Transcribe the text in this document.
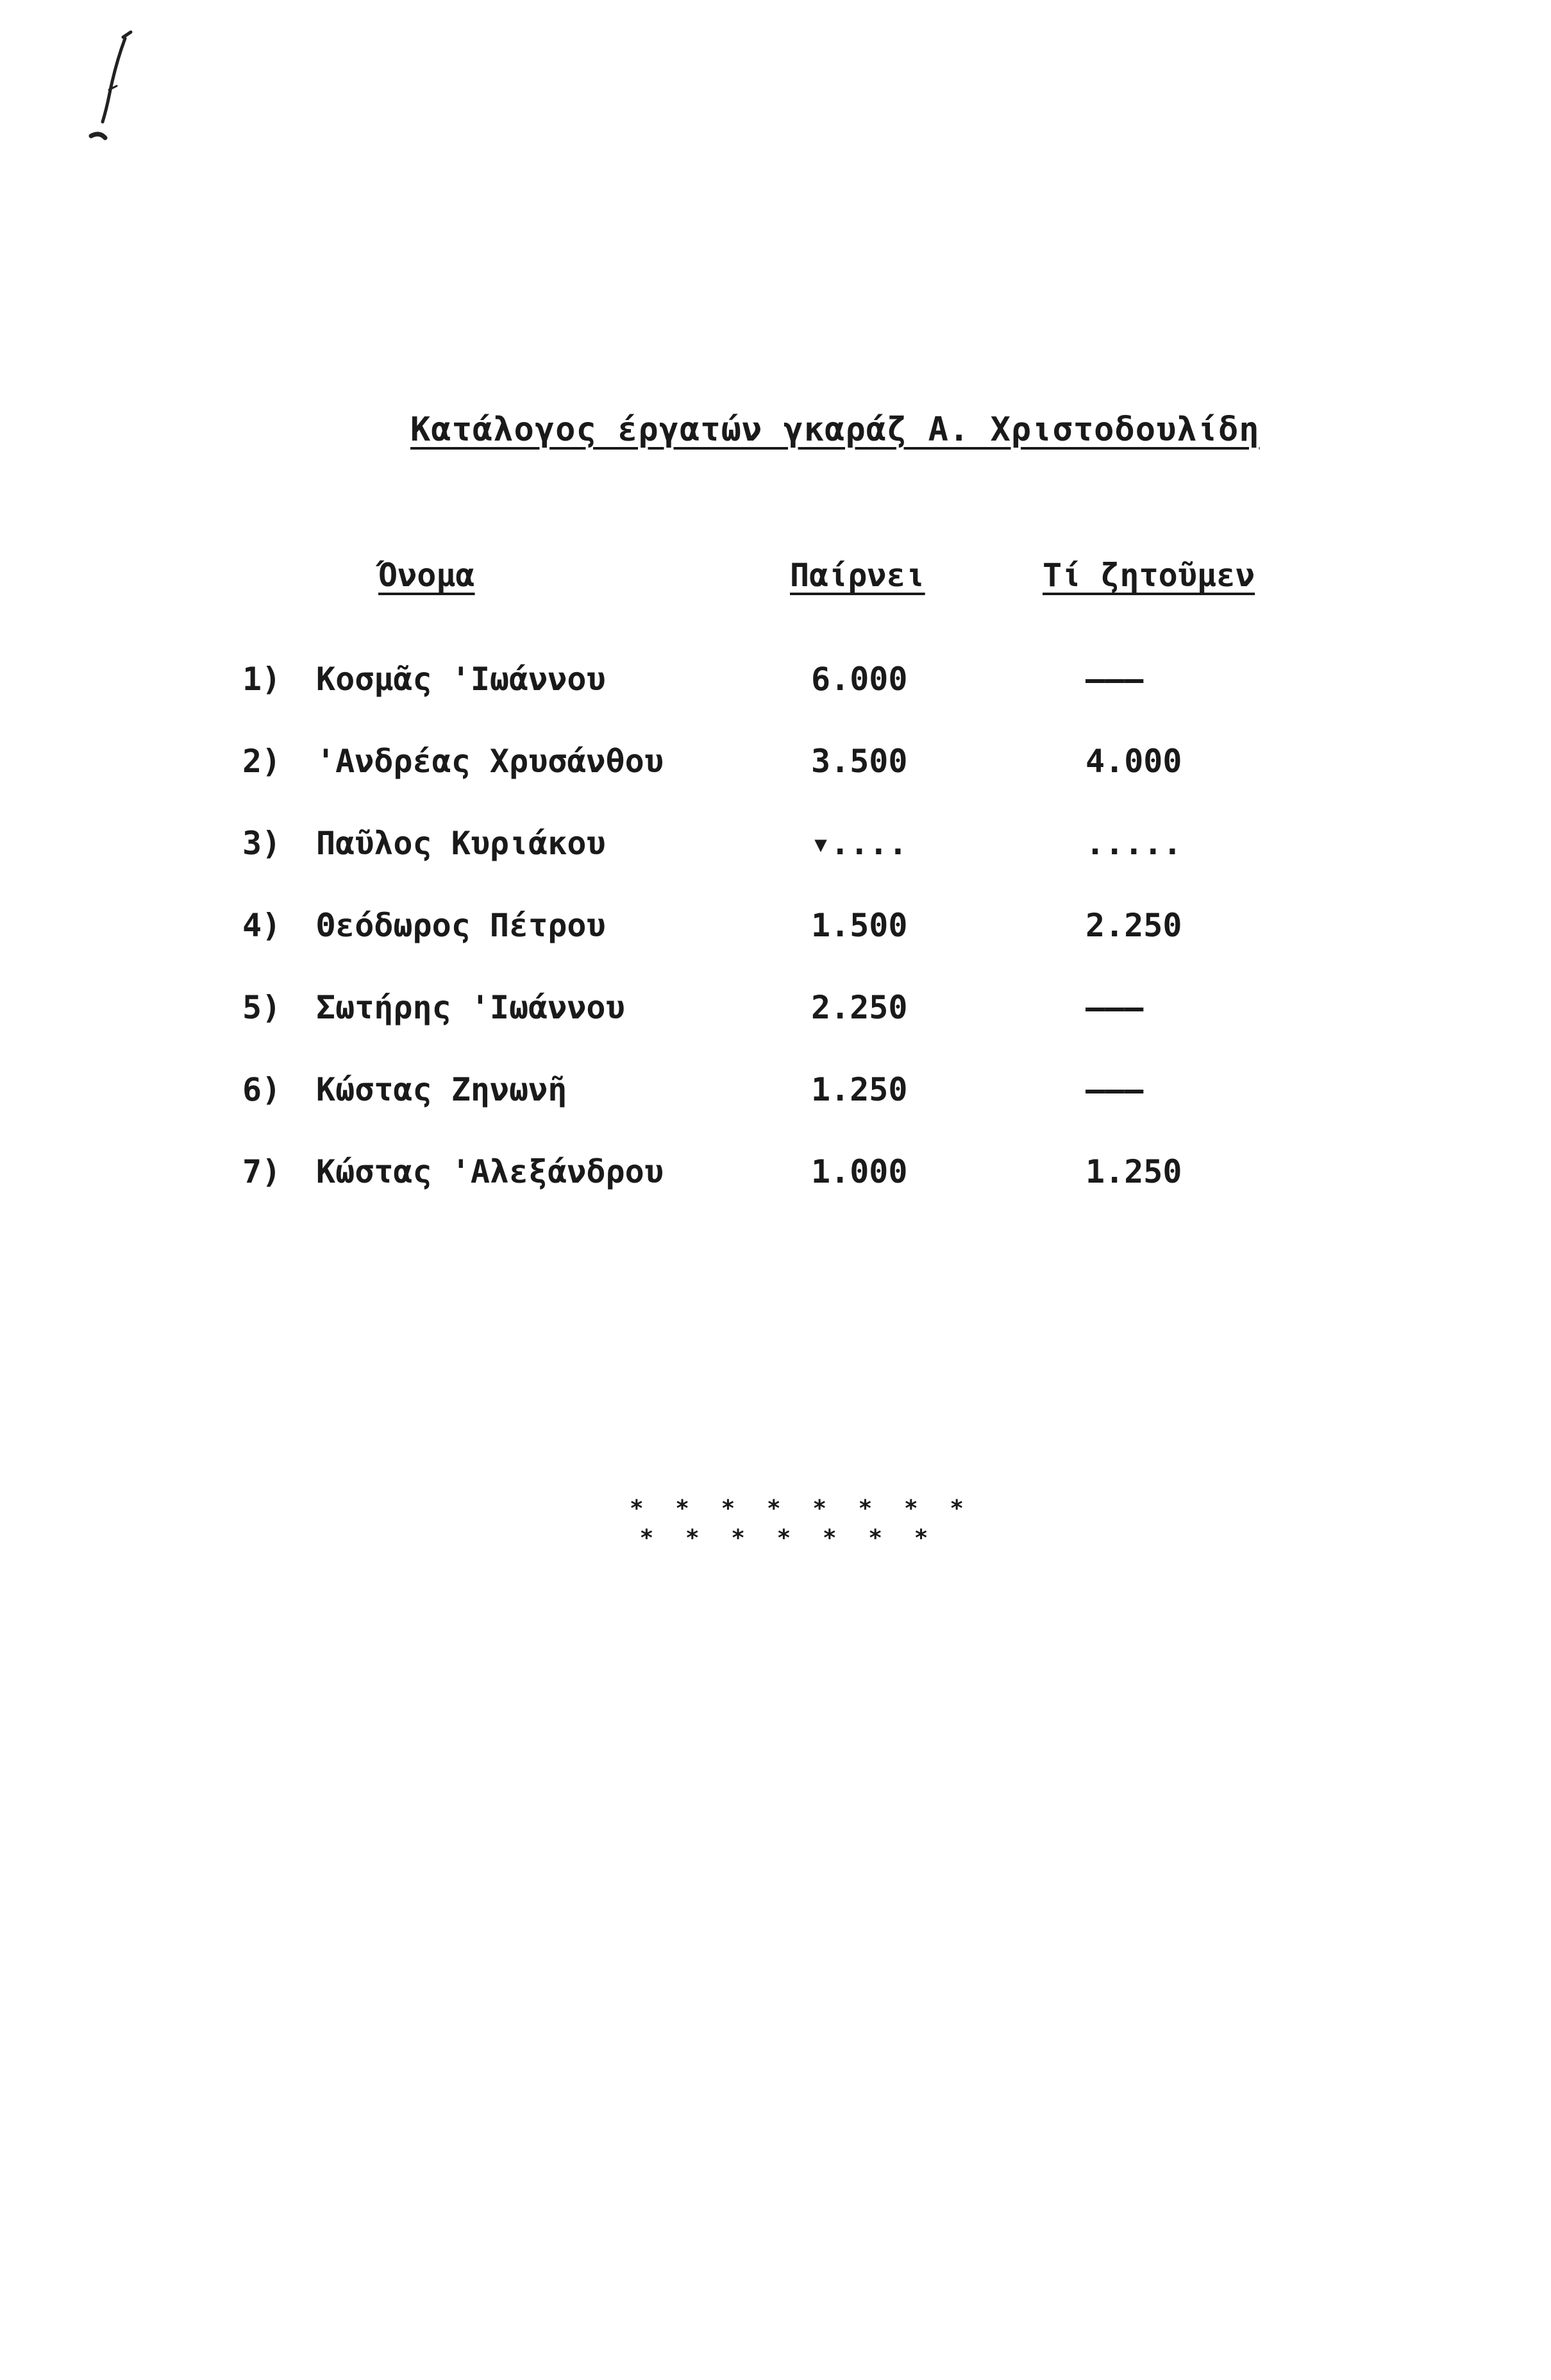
Κατάλογος έργατών γκαράζ Α. Χριστοδουλίδη
Όνομα	Παίρνει	Τί ζητοῦμεν
1) Κοσμᾶς 'Ιωάννου	6.000	———
2) 'Ανδρέας Χρυσάνθου	3.500	4.000
3) Παῦλος Κυριάκου	▾....	.....
4) Θεόδωρος Πέτρου	1.500	2.250
5) Σωτήρης 'Ιωάννου	2.250	———
6) Κώστας Ζηνωνῆ	1.250	———
7) Κώστας 'Αλεξάνδρου	1.000	1.250
* * * * * * * *
* * * * * * *
